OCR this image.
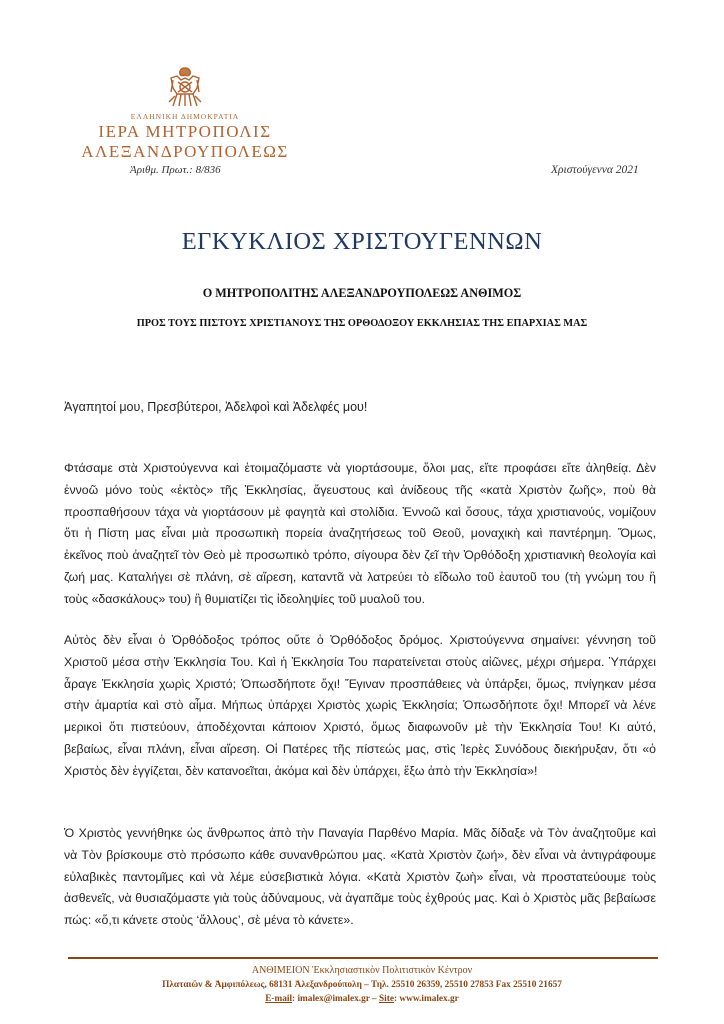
ΕΛΛΗΝΙΚΗ ΔΗΜΟΚΡΑΤΙΑ
ΙΕΡΑ ΜΗΤΡΟΠΟΛΙΣ
ΑΛΕΞΑΝΔΡΟΥΠΟΛΕΩΣ
Ἀριθμ. Πρωτ.: 8/836	Χριστούγεννα 2021
ΕΓΚΥΚΛΙΟΣ ΧΡΙΣΤΟΥΓΕΝΝΩΝ
Ο ΜΗΤΡΟΠΟΛΙΤΗΣ ΑΛΕΞΑΝΔΡΟΥΠΟΛΕΩΣ ΑΝΘΙΜΟΣ
ΠΡΟΣ ΤΟΥΣ ΠΙΣΤΟΥΣ ΧΡΙΣΤΙΑΝΟΥΣ ΤΗΣ ΟΡΘΟΔΟΞΟΥ ΕΚΚΛΗΣΙΑΣ ΤΗΣ ΕΠΑΡΧΙΑΣ ΜΑΣ
Ἀγαπητοί μου, Πρεσβύτεροι, Ἀδελφοὶ καὶ Ἀδελφές μου!

Φτάσαμε στὰ Χριστούγεννα καὶ ἑτοιμαζόμαστε νὰ γιορτάσουμε, ὅλοι μας, εἴτε προφάσει εἴτε ἀληθείᾳ. Δὲν ἐννοῶ μόνο τοὺς «ἐκτὸς» τῆς Ἐκκλησίας, ἄγευστους καὶ ἀνίδεους τῆς «κατὰ Χριστὸν ζωῆς», ποὺ θὰ προσπαθήσουν τάχα νὰ γιορτάσουν μὲ φαγητὰ καὶ στολίδια. Ἐννοῶ καὶ ὅσους, τάχα χριστιανούς, νομίζουν ὅτι ἡ Πίστη μας εἶναι μιὰ προσωπικὴ πορεία ἀναζητήσεως τοῦ Θεοῦ, μοναχικὴ καὶ παντέρημη. Ὅμως, ἐκεῖνος ποὺ ἀναζητεῖ τὸν Θεὸ μὲ προσωπικὸ τρόπο, σίγουρα δὲν ζεῖ τὴν Ὀρθόδοξη χριστιανικὴ θεολογία καὶ ζωή μας. Καταλήγει σὲ πλάνη, σὲ αἵρεση, καταντᾶ νὰ λατρεύει τὸ εἴδωλο τοῦ ἑαυτοῦ του (τὴ γνώμη του ἢ τοὺς «δασκάλους» του) ἢ θυμιατίζει τὶς ἰδεοληψίες τοῦ μυαλοῦ του.

Αὐτὸς δὲν εἶναι ὁ Ὀρθόδοξος τρόπος οὔτε ὁ Ὀρθόδοξος δρόμος. Χριστούγεννα σημαίνει: γέννηση τοῦ Χριστοῦ μέσα στὴν Ἐκκλησία Του. Καὶ ἡ Ἐκκλησία Του παρατείνεται στοὺς αἰῶνες, μέχρι σήμερα. Ὑπάρχει ἆραγε Ἐκκλησία χωρὶς Χριστό; Ὁπωσδήποτε ὄχι! Ἔγιναν προσπάθειες νὰ ὑπάρξει, ὅμως, πνίγηκαν μέσα στὴν ἁμαρτία καὶ στὸ αἷμα. Μήπως ὑπάρχει Χριστὸς χωρὶς Ἐκκλησία; Ὁπωσδήποτε ὄχι! Μπορεῖ νὰ λένε μερικοὶ ὅτι πιστεύουν, ἀποδέχονται κάποιον Χριστό, ὅμως διαφωνοῦν μὲ τὴν Ἐκκλησία Του! Κι αὐτό, βεβαίως, εἶναι πλάνη, εἶναι αἵρεση. Οἱ Πατέρες τῆς πίστεώς μας, στὶς Ἱερὲς Συνόδους διεκήρυξαν, ὅτι «ὁ Χριστὸς δὲν ἐγγίζεται, δὲν κατανοεῖται, ἀκόμα καὶ δὲν ὑπάρχει, ἔξω ἀπὸ τὴν Ἐκκλησία»!

Ὁ Χριστὸς γεννήθηκε ὡς ἄνθρωπος ἀπὸ τὴν Παναγία Παρθένο Μαρία. Μᾶς δίδαξε νὰ Τὸν ἀναζητοῦμε καὶ νὰ Τὸν βρίσκουμε στὸ πρόσωπο κάθε συνανθρώπου μας. «Κατὰ Χριστὸν ζωή», δὲν εἶναι νὰ ἀντιγράφουμε εὐλαβικὲς παντομῖμες καὶ νὰ λέμε εὐσεβιστικὰ λόγια. «Κατὰ Χριστὸν ζωὴ» εἶναι, νὰ προστατεύουμε τοὺς ἀσθενεῖς, νὰ θυσιαζόμαστε γιὰ τοὺς ἀδύναμους, νὰ ἀγαπᾶμε τοὺς ἐχθρούς μας. Καὶ ὁ Χριστὸς μᾶς βεβαίωσε πώς: «ὅ,τι κάνετε στοὺς ‘ἄλλους’, σὲ μένα τὸ κάνετε».

ΑΝΘΙΜΕΙΟΝ Ἐκκλησιαστικὸν Πολιτιστικὸν Κέντρον
Πλαταιῶν & Ἀμφιπόλεως, 68131 Ἀλεξανδρούπολη – Τηλ. 25510 26359, 25510 27853 Fax 25510 21657
E-mail: imalex@imalex.gr – Site: www.imalex.gr
